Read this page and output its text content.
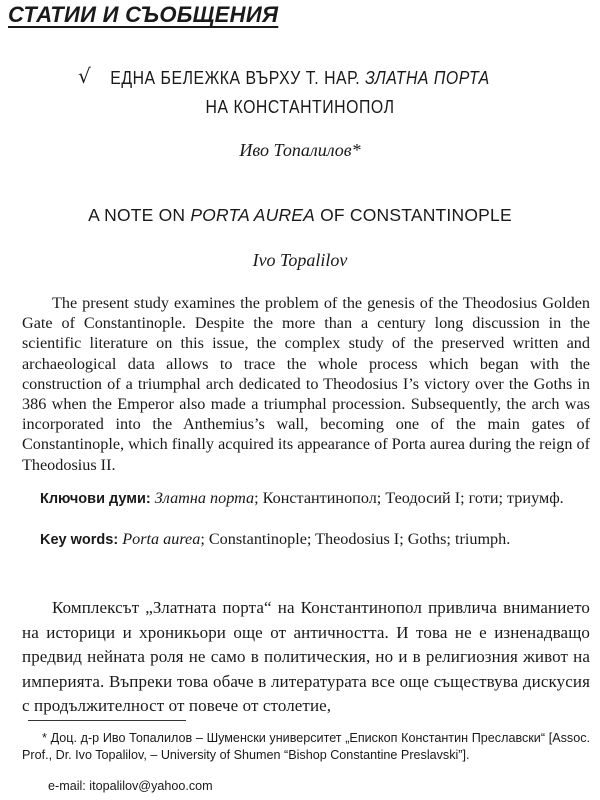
СТАТИИ И СЪОБЩЕНИЯ
√	ЕДНА БЕЛЕЖКА ВЪРХУ Т. НАР. ЗЛАТНА ПОРТА
НА КОНСТАНТИНОПОЛ
Иво Топалилов*
A NOTE ON PORTA AUREA OF CONSTANTINOPLE
Ivo Topalilov

The present study examines the problem of the genesis of the Theodosius Golden Gate of Constantinople. Despite the more than a century long discussion in the scientific literature on this issue, the complex study of the preserved written and archaeological data allows to trace the whole process which began with the construction of a triumphal arch dedicated to Theodosius I’s victory over the Goths in 386 when the Emperor also made a triumphal procession. Subsequently, the arch was incorporated into the Anthemius’s wall, becoming one of the main gates of Constantinople, which finally acquired its appearance of Porta aurea during the reign of Theodosius II.

Ключови думи: Златна порта; Константинопол; Теодосий I; готи; триумф.

Key words: Porta aurea; Constantinople; Theodosius I; Goths; triumph.

Комплексът „Златната порта“ на Константинопол привлича вниманието на историци и хроникьори още от античността. И това не е изненадващо предвид нейната роля не само в политическия, но и в религиозния живот на империята. Въпреки това обаче в литературата все още съществува дискусия с продължителност от повече от столетие,

* Доц. д-р Иво Топалилов – Шуменски университет „Епископ Константин Преславски“ [Assoc. Prof., Dr. Ivo Topalilov, – University of Shumen “Bishop Constantine Preslavski”].

e-mail: itopalilov@yahoo.com
